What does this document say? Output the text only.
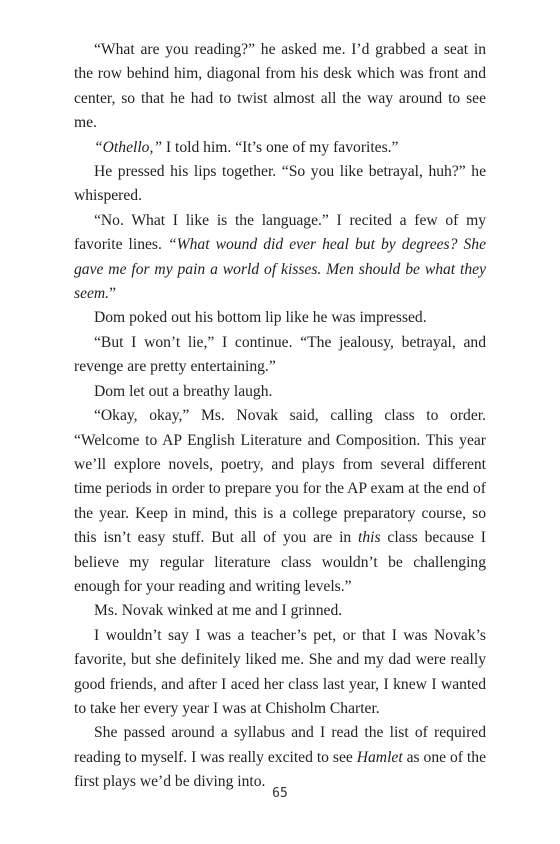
“What are you reading?” he asked me. I’d grabbed a seat in the row behind him, diagonal from his desk which was front and center, so that he had to twist almost all the way around to see me.

“Othello,” I told him. “It’s one of my favorites.”

He pressed his lips together. “So you like betrayal, huh?” he whispered.

“No. What I like is the language.” I recited a few of my favorite lines. “What wound did ever heal but by degrees? She gave me for my pain a world of kisses. Men should be what they seem.”

Dom poked out his bottom lip like he was impressed.

“But I won’t lie,” I continue. “The jealousy, betrayal, and revenge are pretty entertaining.”

Dom let out a breathy laugh.

“Okay, okay,” Ms. Novak said, calling class to order. “Welcome to AP English Literature and Composition. This year we’ll explore novels, poetry, and plays from several different time periods in order to prepare you for the AP exam at the end of the year. Keep in mind, this is a college preparatory course, so this isn’t easy stuff. But all of you are in this class because I believe my regular literature class wouldn’t be challenging enough for your reading and writing levels.”

Ms. Novak winked at me and I grinned.

I wouldn’t say I was a teacher’s pet, or that I was Novak’s favorite, but she definitely liked me. She and my dad were really good friends, and after I aced her class last year, I knew I wanted to take her every year I was at Chisholm Charter.

She passed around a syllabus and I read the list of required reading to myself. I was really excited to see Hamlet as one of the first plays we’d be diving into.

65
